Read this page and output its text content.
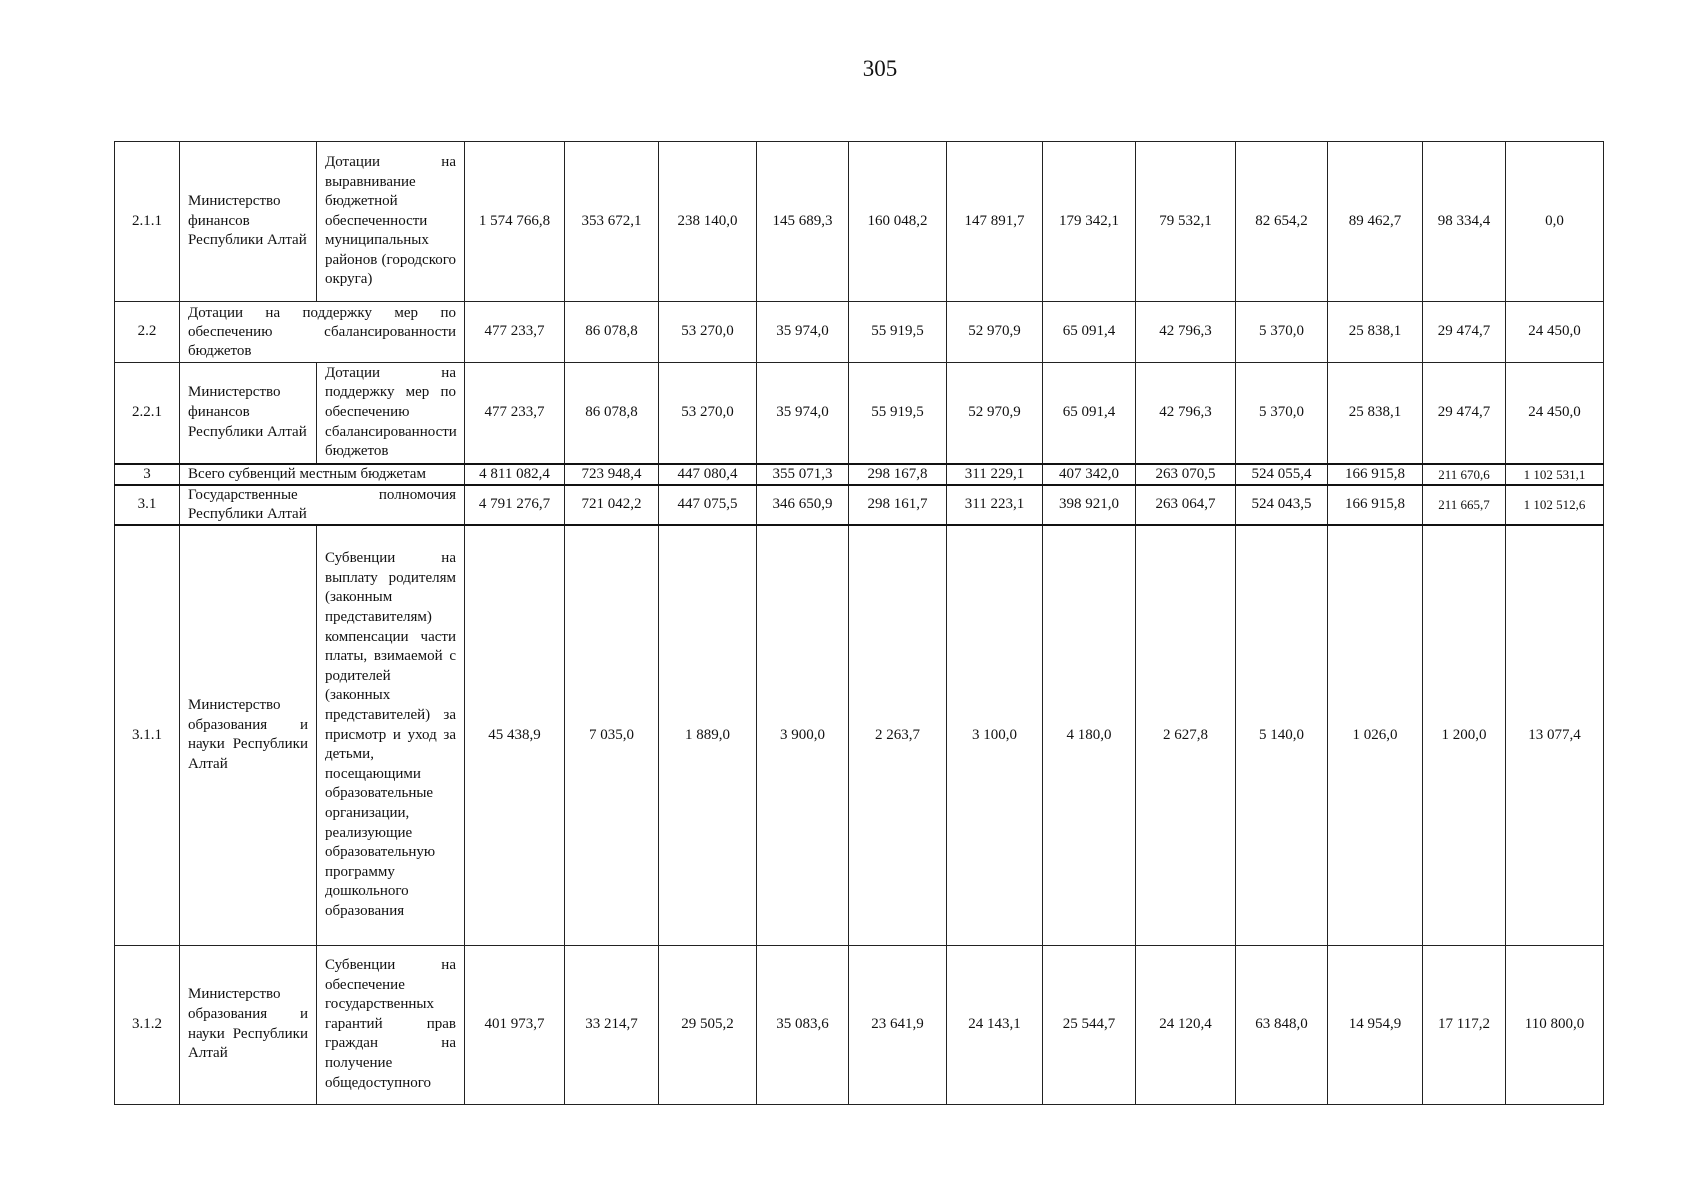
305
2.1.1	Министерство финансов Республики Алтай	Дотации на выравнивание бюджетной обеспеченности муниципальных районов (городского округа)	1 574 766,8	353 672,1	238 140,0	145 689,3	160 048,2	147 891,7	179 342,1	79 532,1	82 654,2	89 462,7	98 334,4	0,0
2.2	Дотации на поддержку мер по обеспечению сбалансированности бюджетов		477 233,7	86 078,8	53 270,0	35 974,0	55 919,5	52 970,9	65 091,4	42 796,3	5 370,0	25 838,1	29 474,7	24 450,0
2.2.1	Министерство финансов Республики Алтай	Дотации на поддержку мер по обеспечению сбалансированности бюджетов	477 233,7	86 078,8	53 270,0	35 974,0	55 919,5	52 970,9	65 091,4	42 796,3	5 370,0	25 838,1	29 474,7	24 450,0
3	Всего субвенций местным бюджетам		4 811 082,4	723 948,4	447 080,4	355 071,3	298 167,8	311 229,1	407 342,0	263 070,5	524 055,4	166 915,8	211 670,6	1 102 531,1
3.1	Государственные полномочия Республики Алтай		4 791 276,7	721 042,2	447 075,5	346 650,9	298 161,7	311 223,1	398 921,0	263 064,7	524 043,5	166 915,8	211 665,7	1 102 512,6
3.1.1	Министерство образования и науки Республики Алтай	Субвенции на выплату родителям (законным представителям) компенсации части платы, взимаемой с родителей (законных представителей) за присмотр и уход за детьми, посещающими образовательные организации, реализующие образовательную программу дошкольного образования	45 438,9	7 035,0	1 889,0	3 900,0	2 263,7	3 100,0	4 180,0	2 627,8	5 140,0	1 026,0	1 200,0	13 077,4
3.1.2	Министерство образования и науки Республики Алтай	Субвенции на обеспечение государственных гарантий прав граждан на получение общедоступного	401 973,7	33 214,7	29 505,2	35 083,6	23 641,9	24 143,1	25 544,7	24 120,4	63 848,0	14 954,9	17 117,2	110 800,0
